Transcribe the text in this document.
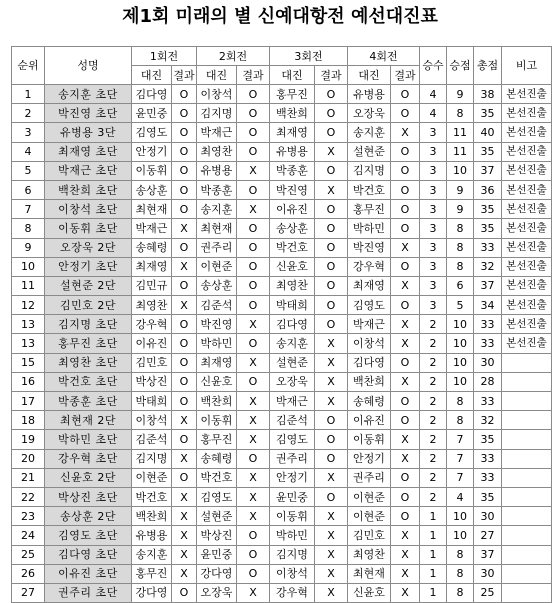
제1회 미래의 별 신예대항전 예선대진표
순위	성명	1회전		2회전		3회전		4회전		승수	승점	총점	비고
		대진	결과	대진	결과	대진	결과	대진	결과				
1	송지훈 초단	김다영	O	이창석	O	홍무진	O	유병용	O	4	9	38	본선진출
2	박진영 초단	윤민중	O	김지명	O	백찬희	O	오장욱	O	4	8	35	본선진출
3	유병용 3단	김영도	O	박재근	O	최재영	O	송지훈	X	3	11	40	본선진출
4	최재영 초단	안정기	O	최영찬	O	유병용	X	설현준	O	3	11	35	본선진출
5	박재근 초단	이동휘	O	유병용	X	박종훈	O	김지명	O	3	10	37	본선진출
6	백찬희 초단	송상훈	O	박종훈	O	박진영	X	박건호	O	3	9	36	본선진출
7	이창석 초단	최현재	O	송지훈	X	이유진	O	홍무진	O	3	9	35	본선진출
8	이동휘 초단	박재근	X	최현재	O	송상훈	O	박하민	O	3	8	35	본선진출
9	오장욱 2단	송혜령	O	권주리	O	박건호	O	박진영	X	3	8	33	본선진출
10	안정기 초단	최재영	X	이현준	O	신윤호	O	강우혁	O	3	8	32	본선진출
11	설현준 2단	김민규	O	송상훈	O	최영찬	O	최재영	X	3	6	37	본선진출
12	김민호 2단	최영찬	X	김준석	O	박태희	O	김영도	O	3	5	34	본선진출
13	김지명 초단	강우혁	O	박진영	X	김다영	O	박재근	X	2	10	33	본선진출
13	홍무진 초단	이유진	O	박하민	O	송지훈	X	이창석	X	2	10	33	본선진출
15	최영찬 초단	김민호	O	최재영	X	설현준	X	김다영	O	2	10	30	
16	박건호 초단	박상진	O	신윤호	O	오장욱	X	백찬희	X	2	10	28	
17	박종훈 초단	박태희	O	백찬희	X	박재근	X	송혜령	O	2	8	33	
18	최현재 2단	이창석	X	이동휘	X	김준석	O	이유진	O	2	8	32	
19	박하민 초단	김준석	O	홍무진	X	김영도	O	이동휘	X	2	7	35	
20	강우혁 초단	김지명	X	송혜령	O	권주리	O	안정기	X	2	7	33	
21	신윤호 2단	이현준	O	박건호	X	안정기	X	권주리	O	2	7	33	
22	박상진 초단	박건호	X	김영도	X	윤민중	O	이현준	O	2	4	35	
23	송상훈 2단	백찬희	X	설현준	X	이동휘	X	이현준	O	1	10	30	
24	김영도 초단	유병용	X	박상진	O	박하민	X	김민호	X	1	10	27	
25	김다영 초단	송지훈	X	윤민중	O	김지명	X	최영찬	X	1	8	37	
26	이유진 초단	홍무진	X	강다영	O	이창석	X	최현재	X	1	8	30	
27	권주리 초단	강다영	O	오장욱	X	강우혁	X	신윤호	X	1	8	25	
